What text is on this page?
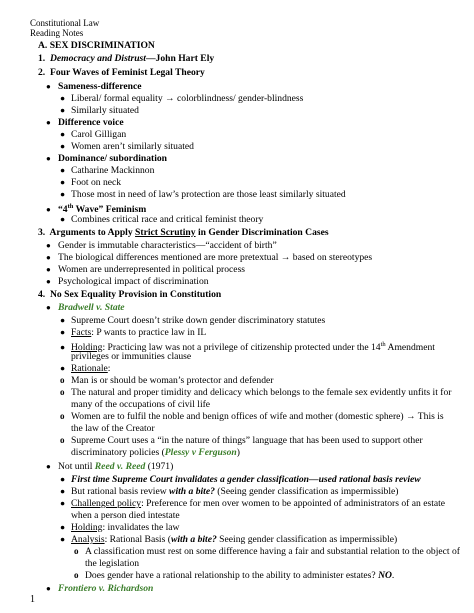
Constitutional Law
Reading Notes
A. SEX DISCRIMINATION
1. Democracy and Distrust—John Hart Ely
2. Four Waves of Feminist Legal Theory
● Sameness-difference
● Liberal/ formal equality → colorblindness/ gender-blindness
● Similarly situated
● Difference voice
● Carol Gilligan
● Women aren’t similarly situated
● Dominance/ subordination
● Catharine Mackinnon
● Foot on neck
● Those most in need of law’s protection are those least similarly situated
● “4th Wave” Feminism
● Combines critical race and critical feminist theory
3. Arguments to Apply Strict Scrutiny in Gender Discrimination Cases
● Gender is immutable characteristics—“accident of birth”
● The biological differences mentioned are more pretextual → based on stereotypes
● Women are underrepresented in political process
● Psychological impact of discrimination
4. No Sex Equality Provision in Constitution
● Bradwell v. State
● Supreme Court doesn’t strike down gender discriminatory statutes
● Facts: P wants to practice law in IL
● Holding: Practicing law was not a privilege of citizenship protected under the 14th Amendment
privileges or immunities clause
● Rationale:
o Man is or should be woman’s protector and defender
o The natural and proper timidity and delicacy which belongs to the female sex evidently unfits it for
many of the occupations of civil life
o Women are to fulfil the noble and benign offices of wife and mother (domestic sphere) → This is
the law of the Creator
o Supreme Court uses a “in the nature of things” language that has been used to support other
discriminatory policies (Plessy v Ferguson)
● Not until Reed v. Reed (1971)
● First time Supreme Court invalidates a gender classification—used rational basis review
● But rational basis review with a bite? (Seeing gender classification as impermissible)
● Challenged policy: Preference for men over women to be appointed of administrators of an estate
when a person died intestate
● Holding: invalidates the law
● Analysis: Rational Basis (with a bite? Seeing gender classification as impermissible)
o A classification must rest on some difference having a fair and substantial relation to the object of
the legislation
o Does gender have a rational relationship to the ability to administer estates? NO.
● Frontiero v. Richardson
1
